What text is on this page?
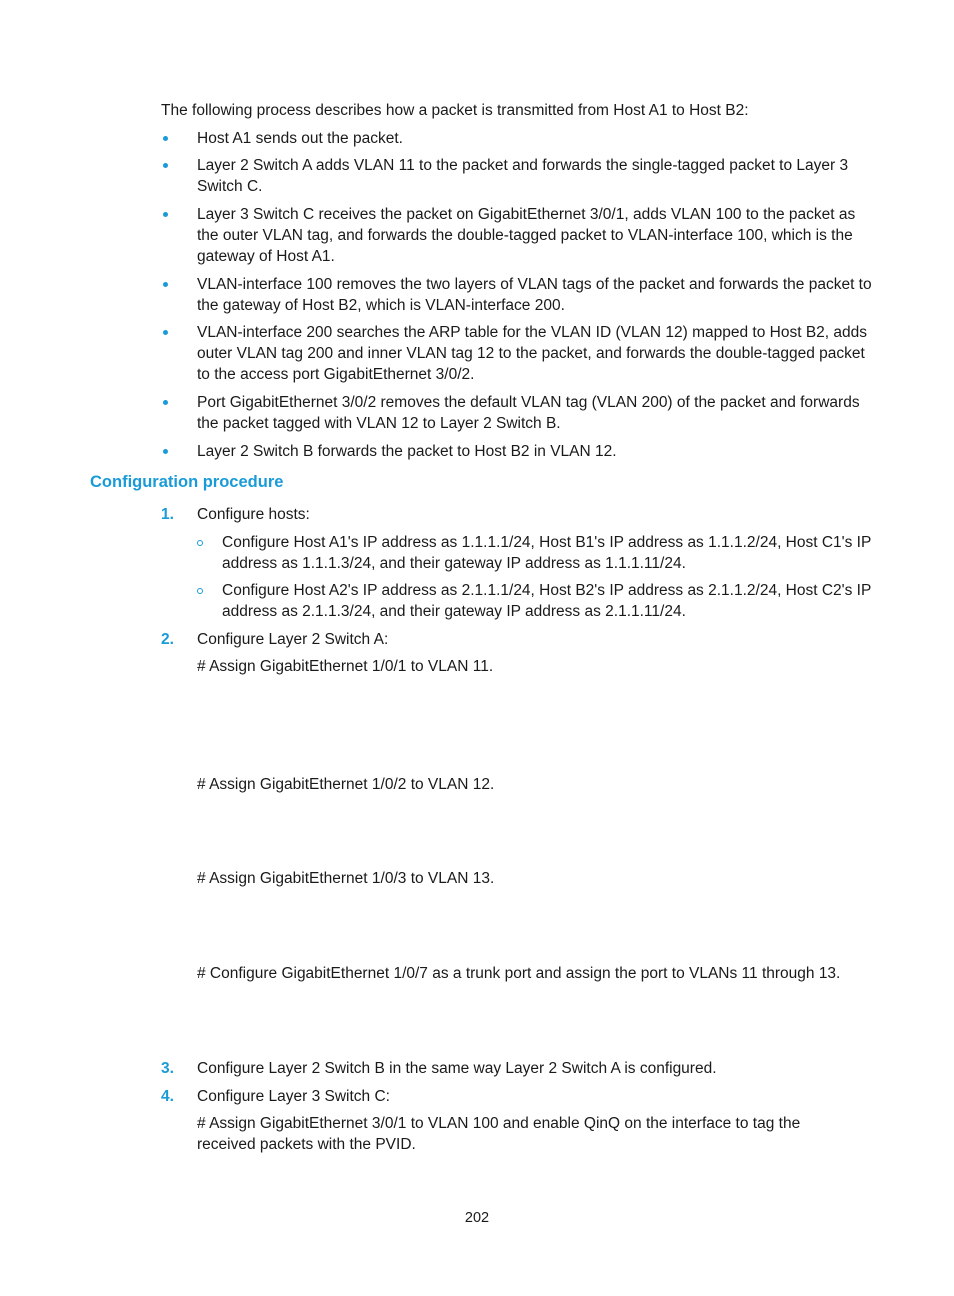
The following process describes how a packet is transmitted from Host A1 to Host B2:
Host A1 sends out the packet.
Layer 2 Switch A adds VLAN 11 to the packet and forwards the single-tagged packet to Layer 3
Switch C.
Layer 3 Switch C receives the packet on GigabitEthernet 3/0/1, adds VLAN 100 to the packet as
the outer VLAN tag, and forwards the double-tagged packet to VLAN-interface 100, which is the
gateway of Host A1.
VLAN-interface 100 removes the two layers of VLAN tags of the packet and forwards the packet to
the gateway of Host B2, which is VLAN-interface 200.
VLAN-interface 200 searches the ARP table for the VLAN ID (VLAN 12) mapped to Host B2, adds
outer VLAN tag 200 and inner VLAN tag 12 to the packet, and forwards the double-tagged packet
to the access port GigabitEthernet 3/0/2.
Port GigabitEthernet 3/0/2 removes the default VLAN tag (VLAN 200) of the packet and forwards
the packet tagged with VLAN 12 to Layer 2 Switch B.
Layer 2 Switch B forwards the packet to Host B2 in VLAN 12.
Configuration procedure
1. Configure hosts:
Configure Host A1's IP address as 1.1.1.1/24, Host B1's IP address as 1.1.1.2/24, Host C1's IP
address as 1.1.1.3/24, and their gateway IP address as 1.1.1.11/24.
Configure Host A2's IP address as 2.1.1.1/24, Host B2's IP address as 2.1.1.2/24, Host C2's IP
address as 2.1.1.3/24, and their gateway IP address as 2.1.1.11/24.
2. Configure Layer 2 Switch A:
# Assign GigabitEthernet 1/0/1 to VLAN 11.
# Assign GigabitEthernet 1/0/2 to VLAN 12.
# Assign GigabitEthernet 1/0/3 to VLAN 13.
# Configure GigabitEthernet 1/0/7 as a trunk port and assign the port to VLANs 11 through 13.
3. Configure Layer 2 Switch B in the same way Layer 2 Switch A is configured.
4. Configure Layer 3 Switch C:
# Assign GigabitEthernet 3/0/1 to VLAN 100 and enable QinQ on the interface to tag the
received packets with the PVID.
202
